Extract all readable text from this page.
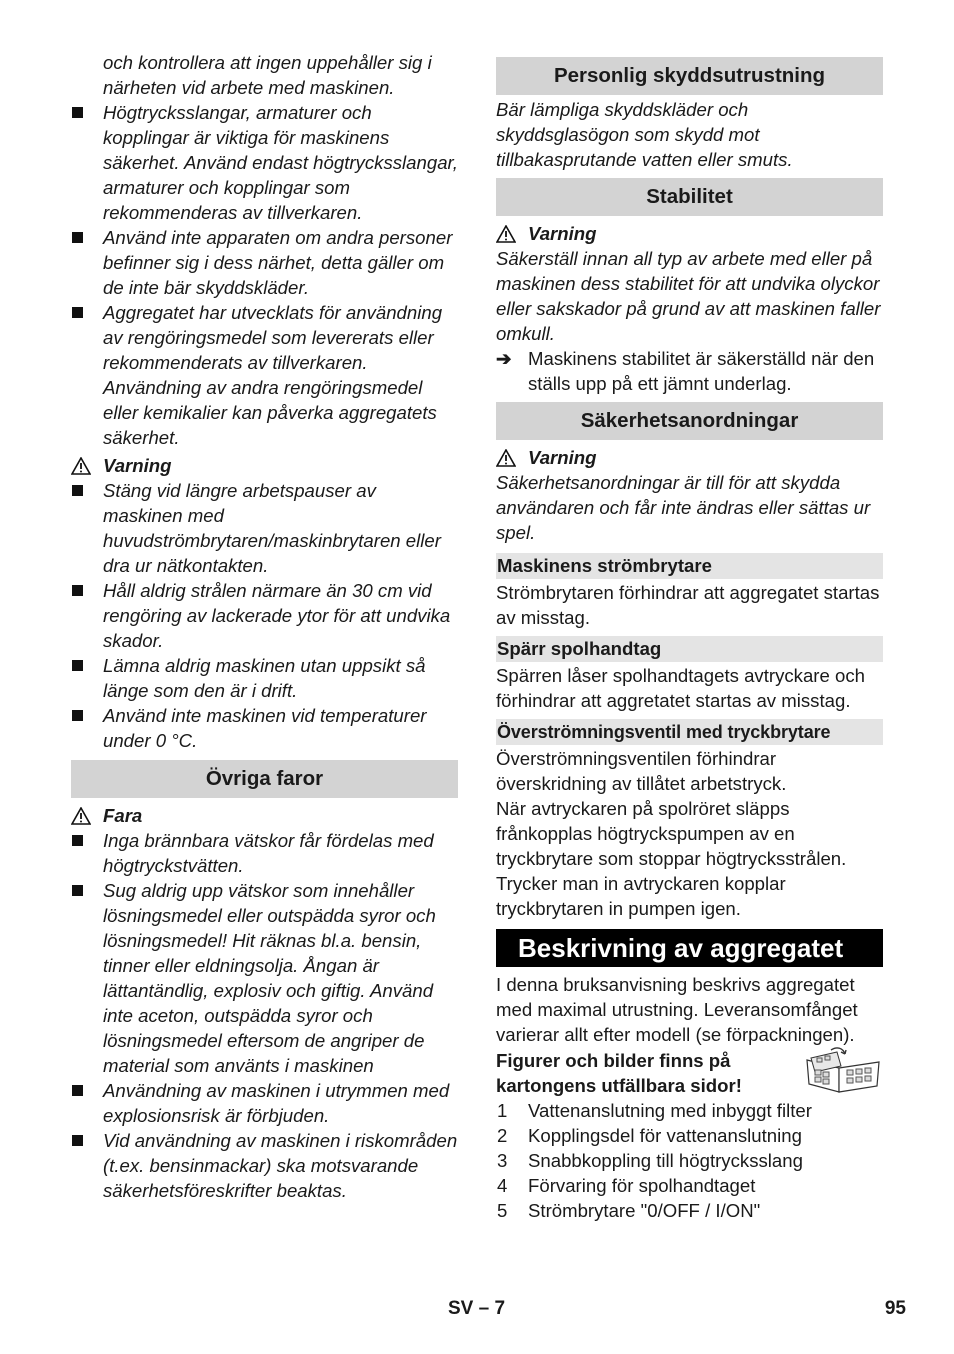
och kontrollera att ingen uppehåller sig i närheten vid arbete med maskinen.

Högtrycksslangar, armaturer och kopplingar är viktiga för maskinens säkerhet. Använd endast högtrycksslangar, armaturer och kopplingar som rekommenderas av tillverkaren.

Använd inte apparaten om andra personer befinner sig i dess närhet, detta gäller om de inte bär skyddskläder.

Aggregatet har utvecklats för användning av rengöringsmedel som levererats eller rekommenderats av tillverkaren. Användning av andra rengöringsmedel eller kemikalier kan påverka aggregatets säkerhet.

Varning

Stäng vid längre arbetspauser av maskinen med huvudströmbrytaren/maskinbrytaren eller dra ur nätkontakten.

Håll aldrig strålen närmare än 30 cm vid rengöring av lackerade ytor för att undvika skador.

Lämna aldrig maskinen utan uppsikt så länge som den är i drift.

Använd inte maskinen vid temperaturer under 0 °C.

Övriga faror

Fara

Inga brännbara vätskor får fördelas med högtryckstvätten.

Sug aldrig upp vätskor som innehåller lösningsmedel eller outspädda syror och lösningsmedel! Hit räknas bl.a. bensin, tinner eller eldningsolja. Ångan är lättantändlig, explosiv och giftig. Använd inte aceton, outspädda syror och lösningsmedel eftersom de angriper de material som använts i maskinen

Användning av maskinen i utrymmen med explosionsrisk är förbjuden.

Vid användning av maskinen i riskområden (t.ex. bensinmackar) ska motsvarande säkerhetsföreskrifter beaktas.

Personlig skyddsutrustning

Bär lämpliga skyddskläder och skyddsglasögon som skydd mot tillbakasprutande vatten eller smuts.

Stabilitet

Varning

Säkerställ innan all typ av arbete med eller på maskinen dess stabilitet för att undvika olyckor eller sakskador på grund av att maskinen faller omkull.

➔ Maskinens stabilitet är säkerställd när den ställs upp på ett jämnt underlag.

Säkerhetsanordningar

Varning

Säkerhetsanordningar är till för att skydda användaren och får inte ändras eller sättas ur spel.

Maskinens strömbrytare

Strömbrytaren förhindrar att aggregatet startas av misstag.

Spärr spolhandtag

Spärren låser spolhandtagets avtryckare och förhindrar att aggretatet startas av misstag.

Överströmningsventil med tryckbrytare

Överströmningsventilen förhindrar överskridning av tillåtet arbetstryck.

När avtryckaren på spolröret släpps frånkopplas högtryckspumpen av en tryckbrytare som stoppar högtrycksstrålen. Trycker man in avtryckaren kopplar tryckbrytaren in pumpen igen.

Beskrivning av aggregatet

I denna bruksanvisning beskrivs aggregatet med maximal utrustning. Leveransomfånget varierar allt efter modell (se förpackningen).

Figurer och bilder finns på kartongens utfällbara sidor!

1 Vattenanslutning med inbyggt filter

2 Kopplingsdel för vattenanslutning

3 Snabbkoppling till högtrycksslang

4 Förvaring för spolhandtaget

5 Strömbrytare "0/OFF / I/ON"

SV – 7	95
